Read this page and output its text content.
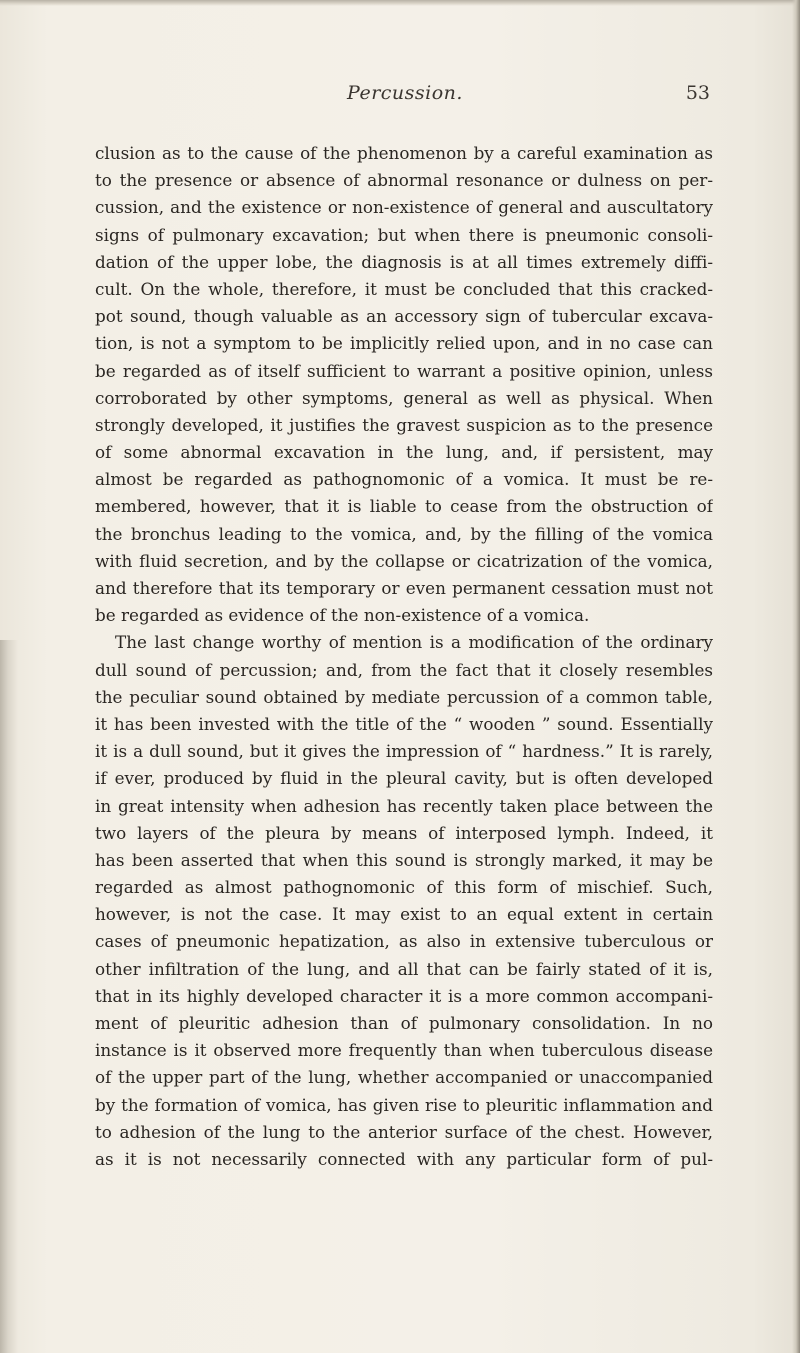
Percussion.	53
clusion as to the cause of the phenomenon by a careful examination as
to the presence or absence of abnormal resonance or dulness on per-
cussion, and the existence or non-existence of general and auscultatory
signs of pulmonary excavation; but when there is pneumonic consoli-
dation of the upper lobe, the diagnosis is at all times extremely diffi-
cult. On the whole, therefore, it must be concluded that this cracked-
pot sound, though valuable as an accessory sign of tubercular excava-
tion, is not a symptom to be implicitly relied upon, and in no case can
be regarded as of itself sufficient to warrant a positive opinion, unless
corroborated by other symptoms, general as well as physical. When
strongly developed, it justifies the gravest suspicion as to the presence
of some abnormal excavation in the lung, and, if persistent, may
almost be regarded as pathognomonic of a vomica. It must be re-
membered, however, that it is liable to cease from the obstruction of
the bronchus leading to the vomica, and, by the filling of the vomica
with fluid secretion, and by the collapse or cicatrization of the vomica,
and therefore that its temporary or even permanent cessation must not
be regarded as evidence of the non-existence of a vomica.
The last change worthy of mention is a modification of the ordinary
dull sound of percussion; and, from the fact that it closely resembles
the peculiar sound obtained by mediate percussion of a common table,
it has been invested with the title of the “ wooden ” sound. Essentially
it is a dull sound, but it gives the impression of “ hardness.” It is rarely,
if ever, produced by fluid in the pleural cavity, but is often developed
in great intensity when adhesion has recently taken place between the
two layers of the pleura by means of interposed lymph. Indeed, it
has been asserted that when this sound is strongly marked, it may be
regarded as almost pathognomonic of this form of mischief. Such,
however, is not the case. It may exist to an equal extent in certain
cases of pneumonic hepatization, as also in extensive tuberculous or
other infiltration of the lung, and all that can be fairly stated of it is,
that in its highly developed character it is a more common accompani-
ment of pleuritic adhesion than of pulmonary consolidation. In no
instance is it observed more frequently than when tuberculous disease
of the upper part of the lung, whether accompanied or unaccompanied
by the formation of vomica, has given rise to pleuritic inflammation and
to adhesion of the lung to the anterior surface of the chest. However,
as it is not necessarily connected with any particular form of pul-
